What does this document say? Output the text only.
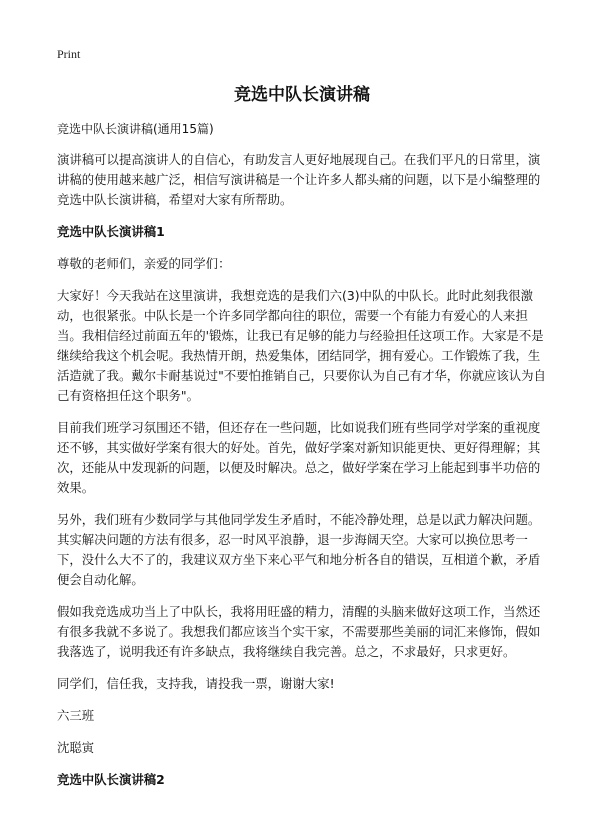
Print
竞选中队长演讲稿
竞选中队长演讲稿(通用15篇)

演讲稿可以提高演讲人的自信心，有助发言人更好地展现自己。在我们平凡的日常里，演讲稿的使用越来越广泛，相信写演讲稿是一个让许多人都头痛的问题，以下是小编整理的竞选中队长演讲稿，希望对大家有所帮助。

竞选中队长演讲稿1

尊敬的老师们，亲爱的同学们：

大家好！今天我站在这里演讲，我想竞选的是我们六(3)中队的中队长。此时此刻我很激动，也很紧张。中队长是一个许多同学都向往的职位，需要一个有能力有爱心的人来担当。我相信经过前面五年的'锻炼，让我已有足够的能力与经验担任这项工作。大家是不是继续给我这个机会呢。我热情开朗，热爱集体，团结同学，拥有爱心。工作锻炼了我，生活造就了我。戴尔卡耐基说过"不要怕推销自己，只要你认为自己有才华，你就应该认为自己有资格担任这个职务"。

目前我们班学习氛围还不错，但还存在一些问题，比如说我们班有些同学对学案的重视度还不够，其实做好学案有很大的好处。首先，做好学案对新知识能更快、更好得理解；其次，还能从中发现新的问题，以便及时解决。总之，做好学案在学习上能起到事半功倍的效果。

另外，我们班有少数同学与其他同学发生矛盾时，不能冷静处理，总是以武力解决问题。其实解决问题的方法有很多，忍一时风平浪静，退一步海阔天空。大家可以换位思考一下，没什么大不了的，我建议双方坐下来心平气和地分析各自的错误，互相道个歉，矛盾便会自动化解。

假如我竞选成功当上了中队长，我将用旺盛的精力，清醒的头脑来做好这项工作，当然还有很多我就不多说了。我想我们都应该当个实干家，不需要那些美丽的词汇来修饰，假如我落选了，说明我还有许多缺点，我将继续自我完善。总之，不求最好，只求更好。

同学们，信任我，支持我，请投我一票，谢谢大家!

六三班

沈聪寅

竞选中队长演讲稿2
